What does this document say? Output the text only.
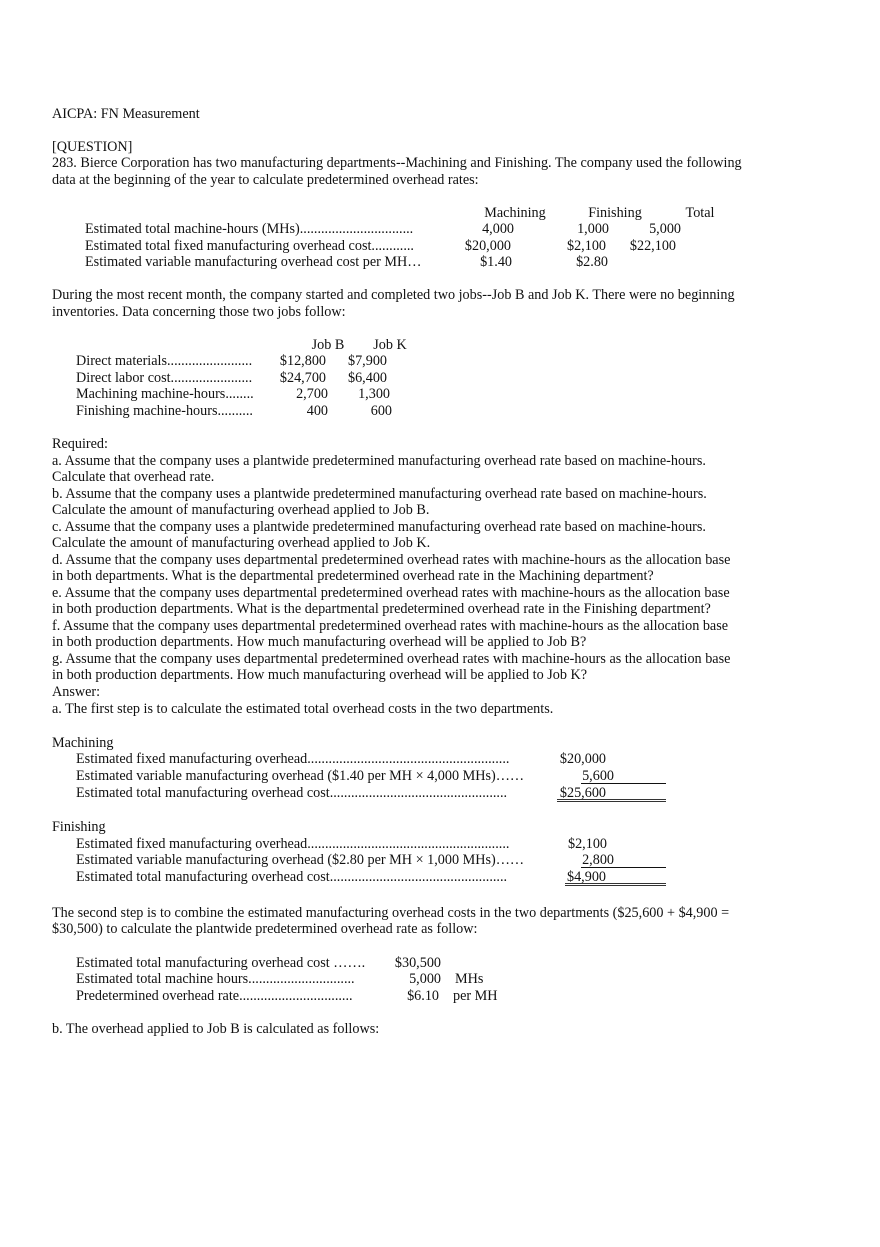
AICPA: FN Measurement
[QUESTION]
283. Bierce Corporation has two manufacturing departments--Machining and Finishing. The company used the following
data at the beginning of the year to calculate predetermined overhead rates:
Machining	Finishing	Total
Estimated total machine-hours (MHs)................................	4,000	1,000	5,000
Estimated total fixed manufacturing overhead cost............	$20,000	$2,100	$22,100
Estimated variable manufacturing overhead cost per MH…	$1.40	$2.80
During the most recent month, the company started and completed two jobs--Job B and Job K. There were no beginning
inventories. Data concerning those two jobs follow:
Job B	Job K
Direct materials........................	$12,800	$7,900
Direct labor cost.......................	$24,700	$6,400
Machining machine-hours........	2,700	1,300
Finishing machine-hours..........	400	600
Required:
a. Assume that the company uses a plantwide predetermined manufacturing overhead rate based on machine-hours.
Calculate that overhead rate.
b. Assume that the company uses a plantwide predetermined manufacturing overhead rate based on machine-hours.
Calculate the amount of manufacturing overhead applied to Job B.
c. Assume that the company uses a plantwide predetermined manufacturing overhead rate based on machine-hours.
Calculate the amount of manufacturing overhead applied to Job K.
d. Assume that the company uses departmental predetermined overhead rates with machine-hours as the allocation base
in both departments. What is the departmental predetermined overhead rate in the Machining department?
e. Assume that the company uses departmental predetermined overhead rates with machine-hours as the allocation base
in both production departments. What is the departmental predetermined overhead rate in the Finishing department?
f. Assume that the company uses departmental predetermined overhead rates with machine-hours as the allocation base
in both production departments. How much manufacturing overhead will be applied to Job B?
g. Assume that the company uses departmental predetermined overhead rates with machine-hours as the allocation base
in both production departments. How much manufacturing overhead will be applied to Job K?
Answer:
a. The first step is to calculate the estimated total overhead costs in the two departments.
Machining
Estimated fixed manufacturing overhead.........................................................	$20,000
Estimated variable manufacturing overhead ($1.40 per MH × 4,000 MHs)……	5,600
Estimated total manufacturing overhead cost..................................................	$25,600
Finishing
Estimated fixed manufacturing overhead.........................................................	$2,100
Estimated variable manufacturing overhead ($2.80 per MH × 1,000 MHs)……	2,800
Estimated total manufacturing overhead cost..................................................	$4,900
The second step is to combine the estimated manufacturing overhead costs in the two departments ($25,600 + $4,900 =
$30,500) to calculate the plantwide predetermined overhead rate as follow:
Estimated total manufacturing overhead cost …….	$30,500
Estimated total machine hours..............................	5,000 MHs
Predetermined overhead rate................................	$6.10 per MH
b. The overhead applied to Job B is calculated as follows:
